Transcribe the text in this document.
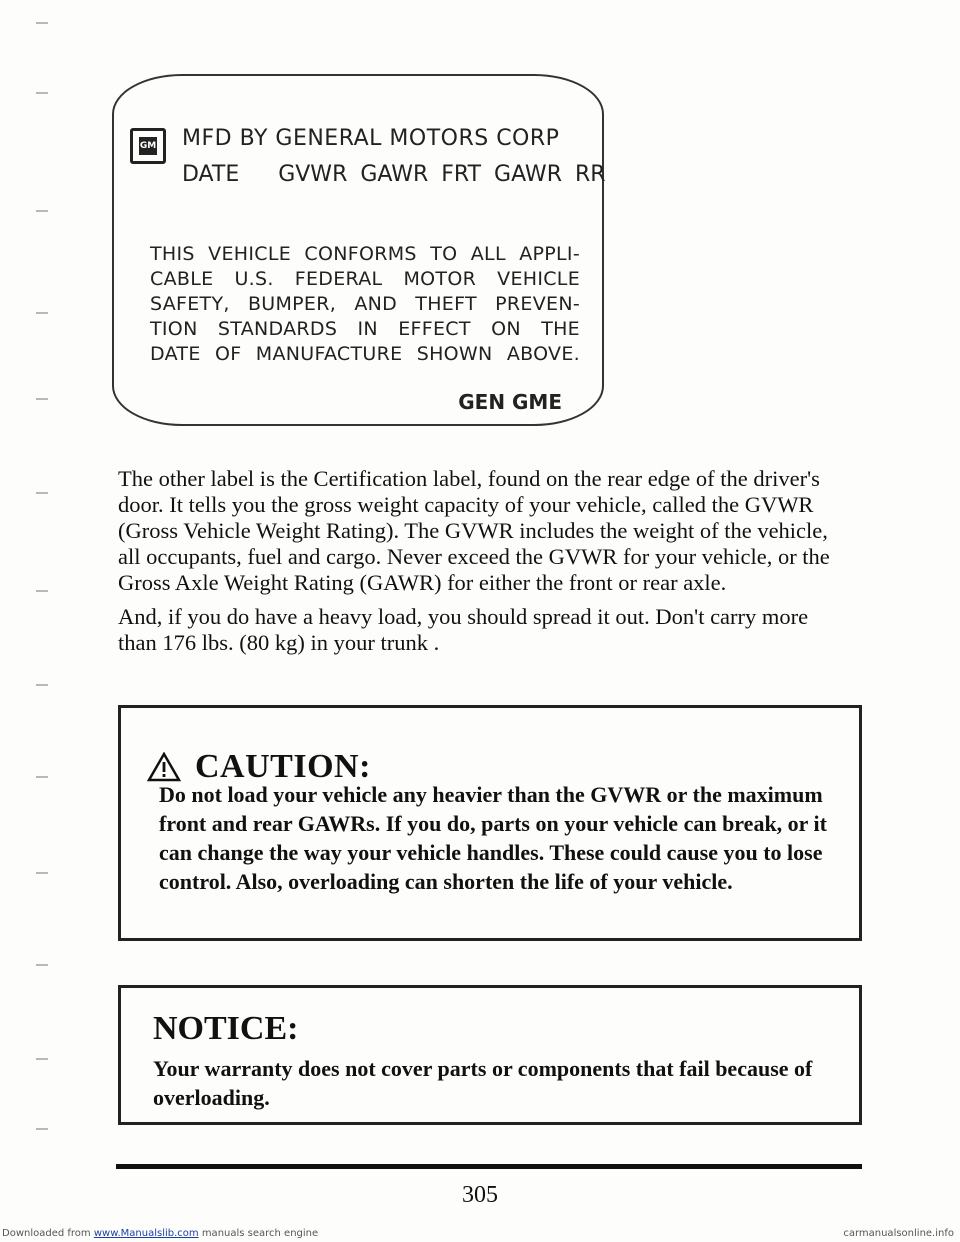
GM MFD BY GENERAL MOTORS CORP
DATE   GVWR GAWR FRT GAWR RR
THIS VEHICLE CONFORMS TO ALL APPLI-
CABLE U.S. FEDERAL MOTOR VEHICLE
SAFETY, BUMPER, AND THEFT PREVEN-
TION STANDARDS IN EFFECT ON THE
DATE OF MANUFACTURE SHOWN ABOVE.
GEN GME

The other label is the Certification label, found on the rear edge of the driver's door. It tells you the gross weight capacity of your vehicle, called the GVWR (Gross Vehicle Weight Rating). The GVWR includes the weight of the vehicle, all occupants, fuel and cargo. Never exceed the GVWR for your vehicle, or the Gross Axle Weight Rating (GAWR) for either the front or rear axle.

And, if you do have a heavy load, you should spread it out. Don't carry more than 176 lbs. (80 kg) in your trunk .

CAUTION:
Do not load your vehicle any heavier than the GVWR or the maximum front and rear GAWRs. If you do, parts on your vehicle can break, or it can change the way your vehicle handles. These could cause you to lose control. Also, overloading can shorten the life of your vehicle.
NOTICE:
Your warranty does not cover parts or components that fail because of overloading.
305
Downloaded from www.Manualslib.com manuals search engine	carmanualsonline.info
